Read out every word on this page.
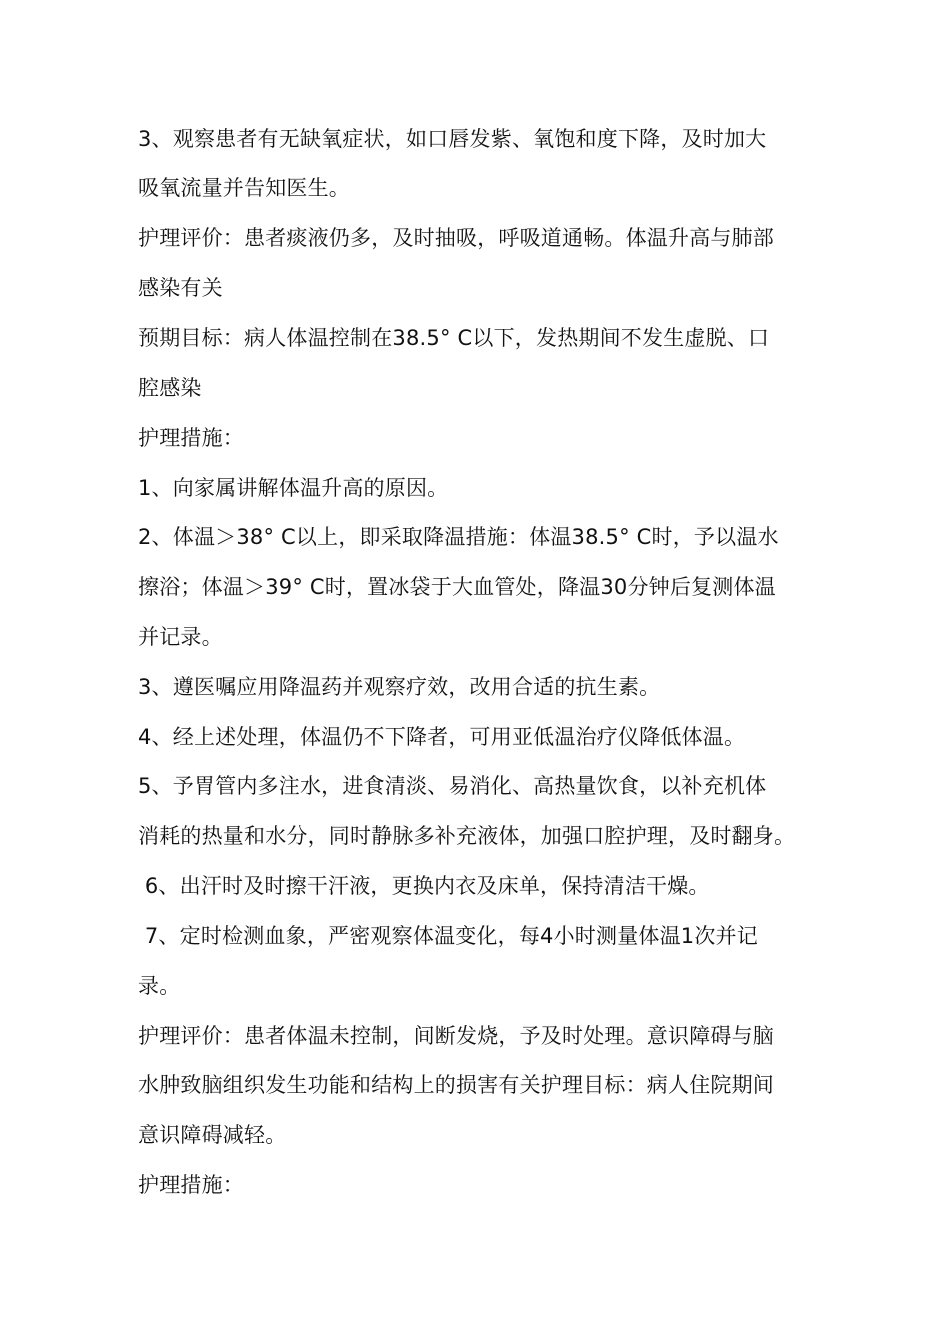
3、观察患者有无缺氧症状，如口唇发紫、氧饱和度下降，及时加大
吸氧流量并告知医生。
护理评价：患者痰液仍多，及时抽吸，呼吸道通畅。体温升高与肺部
感染有关
预期目标：病人体温控制在38.5° C以下，发热期间不发生虚脱、口
腔感染
护理措施：
1、向家属讲解体温升高的原因。
2、体温＞38° C以上，即采取降温措施：体温38.5° C时，予以温水
擦浴；体温＞39° C时，置冰袋于大血管处，降温30分钟后复测体温
并记录。
3、遵医嘱应用降温药并观察疗效，改用合适的抗生素。
4、经上述处理，体温仍不下降者，可用亚低温治疗仪降低体温。
5、予胃管内多注水，进食清淡、易消化、高热量饮食，以补充机体
消耗的热量和水分，同时静脉多补充液体，加强口腔护理，及时翻身。
6、出汗时及时擦干汗液，更换内衣及床单，保持清洁干燥。
7、定时检测血象，严密观察体温变化，每4小时测量体温1次并记
录。
护理评价：患者体温未控制，间断发烧，予及时处理。意识障碍与脑
水肿致脑组织发生功能和结构上的损害有关护理目标：病人住院期间
意识障碍减轻。
护理措施：
